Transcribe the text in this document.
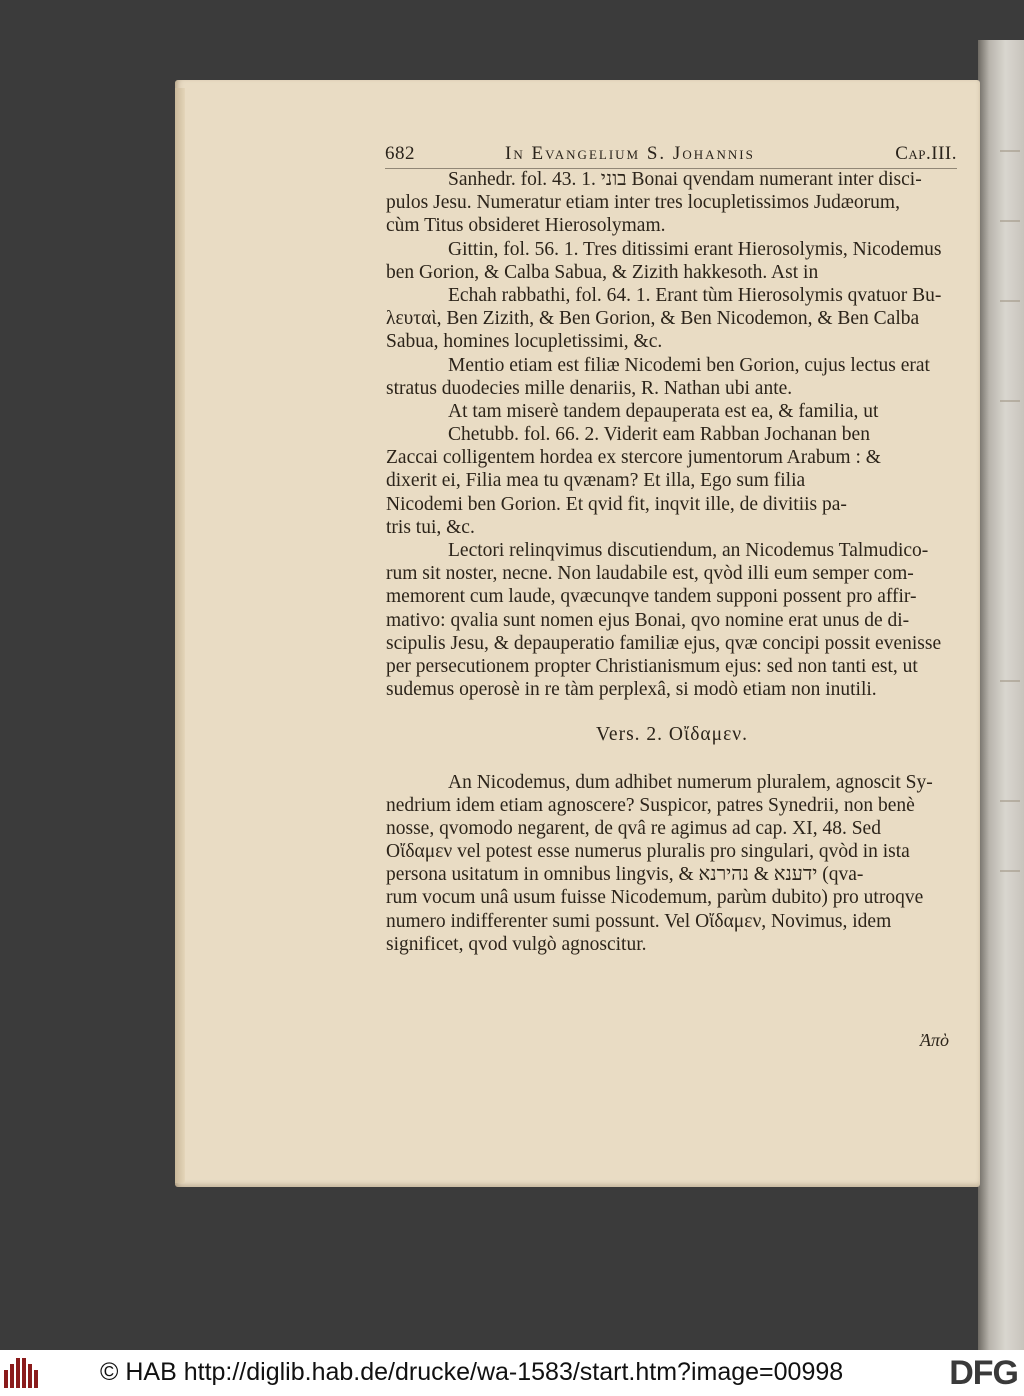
682	In Evangelium S. Johannis	Cap.III.
Sanhedr. fol. 43. 1. בוני Bonai qvendam numerant inter disci-
pulos Jesu. Numeratur etiam inter tres locupletissimos Judæorum,
cùm Titus obsideret Hierosolymam.
Gittin, fol. 56. 1. Tres ditissimi erant Hierosolymis, Nicodemus
ben Gorion, & Calba Sabua, & Zizith hakkesoth. Ast in
Echah rabbathi, fol. 64. 1. Erant tùm Hierosolymis qvatuor Bu-
λευταὶ, Ben Zizith, & Ben Gorion, & Ben Nicodemon, & Ben Calba
Sabua, homines locupletissimi, &c.
Mentio etiam est filiæ Nicodemi ben Gorion, cujus lectus erat
stratus duodecies mille denariis, R. Nathan ubi ante.
At tam miserè tandem depauperata est ea, & familia, ut
Chetubb. fol. 66. 2. Viderit eam Rabban Jochanan ben
Zaccai colligentem hordea ex stercore jumentorum Arabum : &
dixerit ei, Filia mea tu qvænam? Et illa, Ego sum filia
Nicodemi ben Gorion. Et qvid fit, inqvit ille, de divitiis pa-
tris tui, &c.
Lectori relinqvimus discutiendum, an Nicodemus Talmudico-
rum sit noster, necne. Non laudabile est, qvòd illi eum semper com-
memorent cum laude, qvæcunqve tandem supponi possent pro affir-
mativo: qvalia sunt nomen ejus Bonai, qvo nomine erat unus de di-
scipulis Jesu, & depauperatio familiæ ejus, qvæ concipi possit evenisse
per persecutionem propter Christianismum ejus: sed non tanti est, ut
sudemus operosè in re tàm perplexâ, si modò etiam non inutili.
Vers. 2. Οἴδαμεν.
An Nicodemus, dum adhibet numerum pluralem, agnoscit Sy-
nedrium idem etiam agnoscere? Suspicor, patres Synedrii, non benè
nosse, qvomodo negarent, de qvâ re agimus ad cap. XI, 48. Sed
Οἴδαμεν vel potest esse numerus pluralis pro singulari, qvòd in ista
persona usitatum in omnibus lingvis, & ידענא & נהירנא (qva-
rum vocum unâ usum fuisse Nicodemum, parùm dubito) pro utroqve
numero indifferenter sumi possunt. Vel Οἴδαμεν, Novimus, idem
significet, qvod vulgò agnoscitur.

Ἀπὸ
© HAB http://diglib.hab.de/drucke/wa-1583/start.htm?image=00998	DFG
